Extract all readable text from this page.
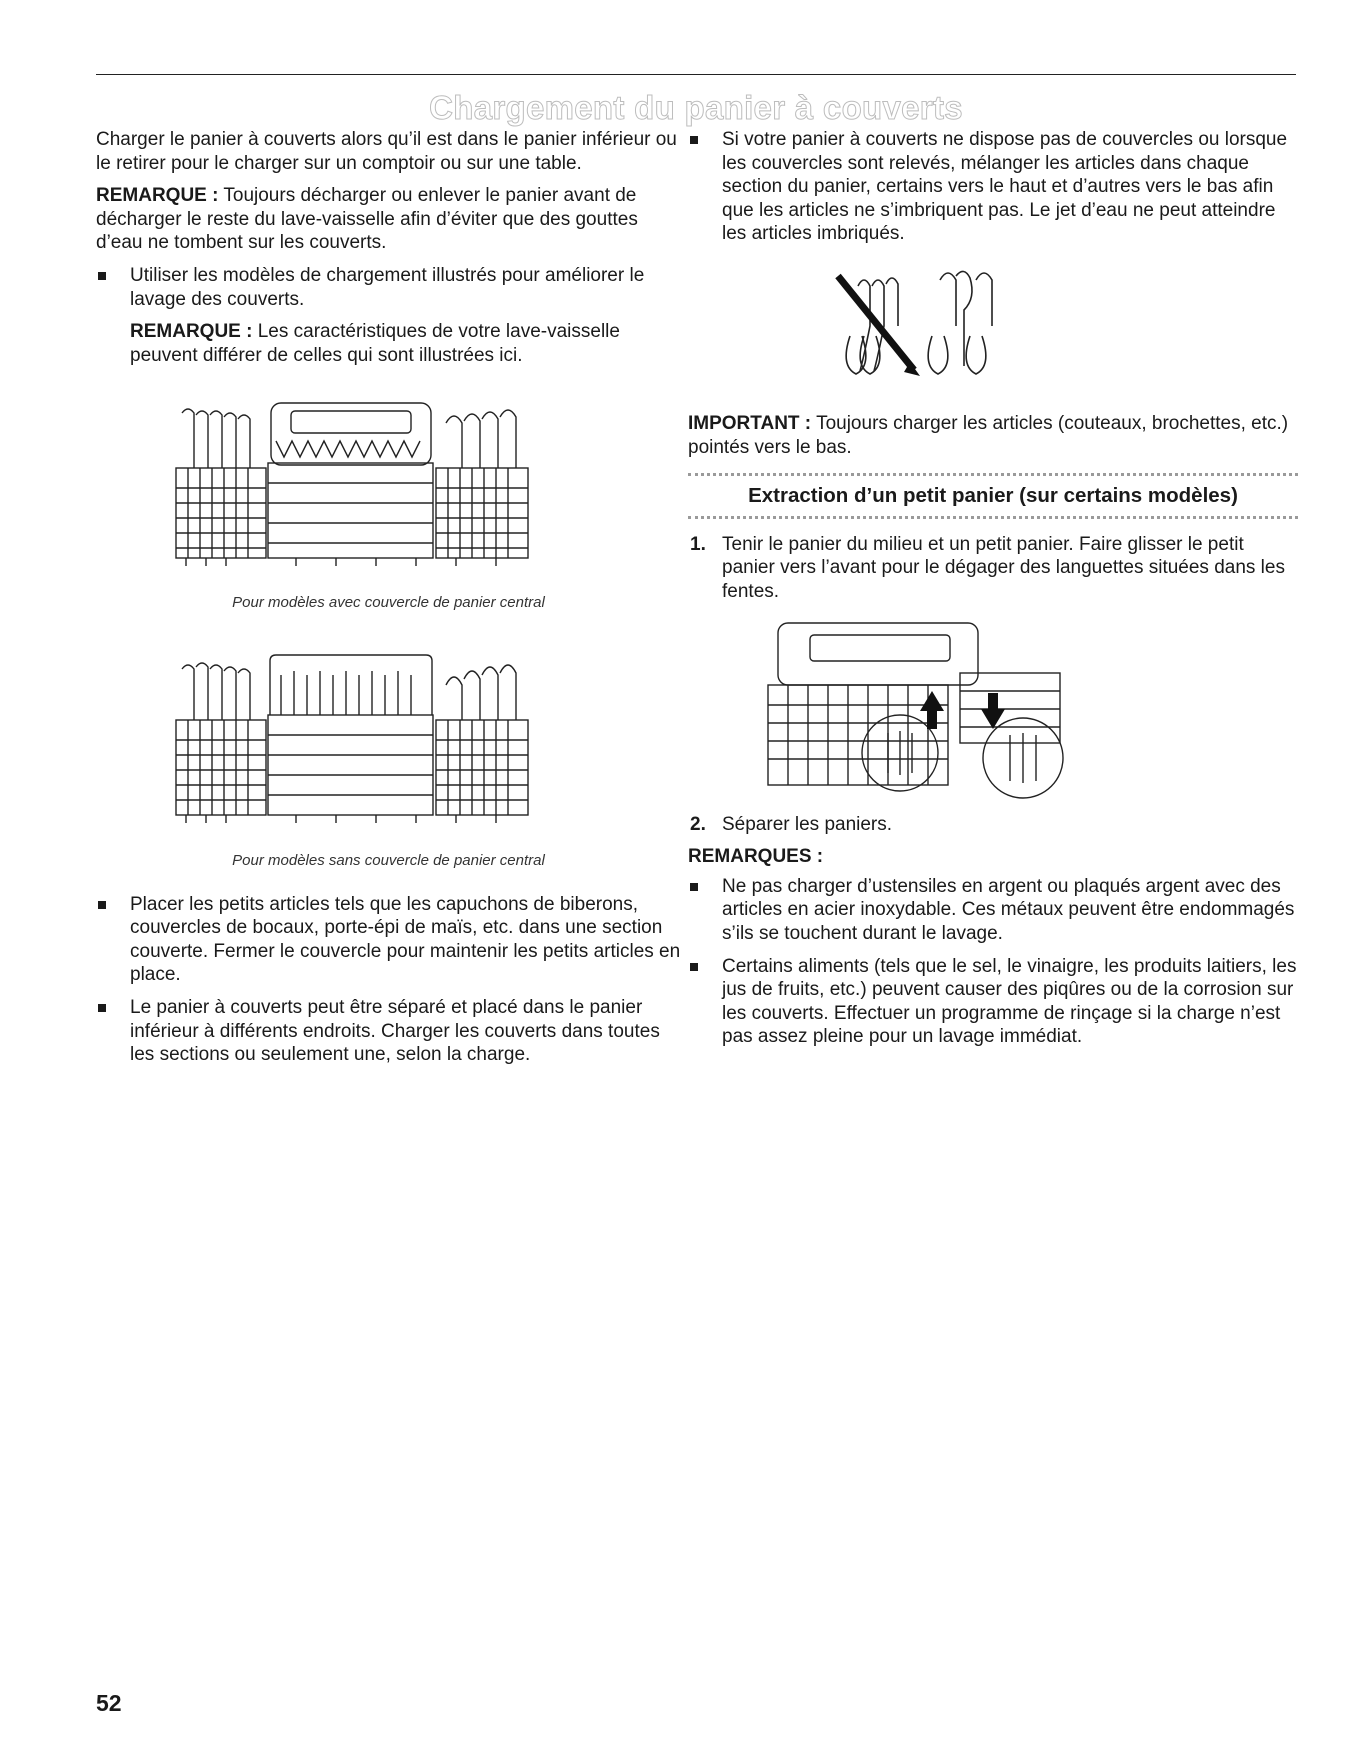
Chargement du panier à couverts

Charger le panier à couverts alors qu’il est dans le panier inférieur ou le retirer pour le charger sur un comptoir ou sur une table.

REMARQUE : Toujours décharger ou enlever le panier avant de décharger le reste du lave-vaisselle afin d’éviter que des gouttes d’eau ne tombent sur les couverts.

Utiliser les modèles de chargement illustrés pour améliorer le lavage des couverts.

REMARQUE : Les caractéristiques de votre lave-vaisselle peuvent différer de celles qui sont illustrées ici.

Pour modèles avec couvercle de panier central
Pour modèles sans couvercle de panier central
Placer les petits articles tels que les capuchons de biberons, couvercles de bocaux, porte-épi de maïs, etc. dans une section couverte. Fermer le couvercle pour maintenir les petits articles en place.
Le panier à couverts peut être séparé et placé dans le panier inférieur à différents endroits. Charger les couverts dans toutes les sections ou seulement une, selon la charge.
Si votre panier à couverts ne dispose pas de couvercles ou lorsque les couvercles sont relevés, mélanger les articles dans chaque section du panier, certains vers le haut et d’autres vers le bas afin que les articles ne s’imbriquent pas. Le jet d’eau ne peut atteindre les articles imbriqués.

IMPORTANT : Toujours charger les articles (couteaux, brochettes, etc.) pointés vers le bas.

Extraction d’un petit panier (sur certains modèles)
1. Tenir le panier du milieu et un petit panier. Faire glisser le petit panier vers l’avant pour le dégager des languettes situées dans les fentes.
2. Séparer les paniers.

REMARQUES :

Ne pas charger d’ustensiles en argent ou plaqués argent avec des articles en acier inoxydable. Ces métaux peuvent être endommagés s’ils se touchent durant le lavage.
Certains aliments (tels que le sel, le vinaigre, les produits laitiers, les jus de fruits, etc.) peuvent causer des piqûres ou de la corrosion sur les couverts. Effectuer un programme de rinçage si la charge n’est pas assez pleine pour un lavage immédiat.
52
